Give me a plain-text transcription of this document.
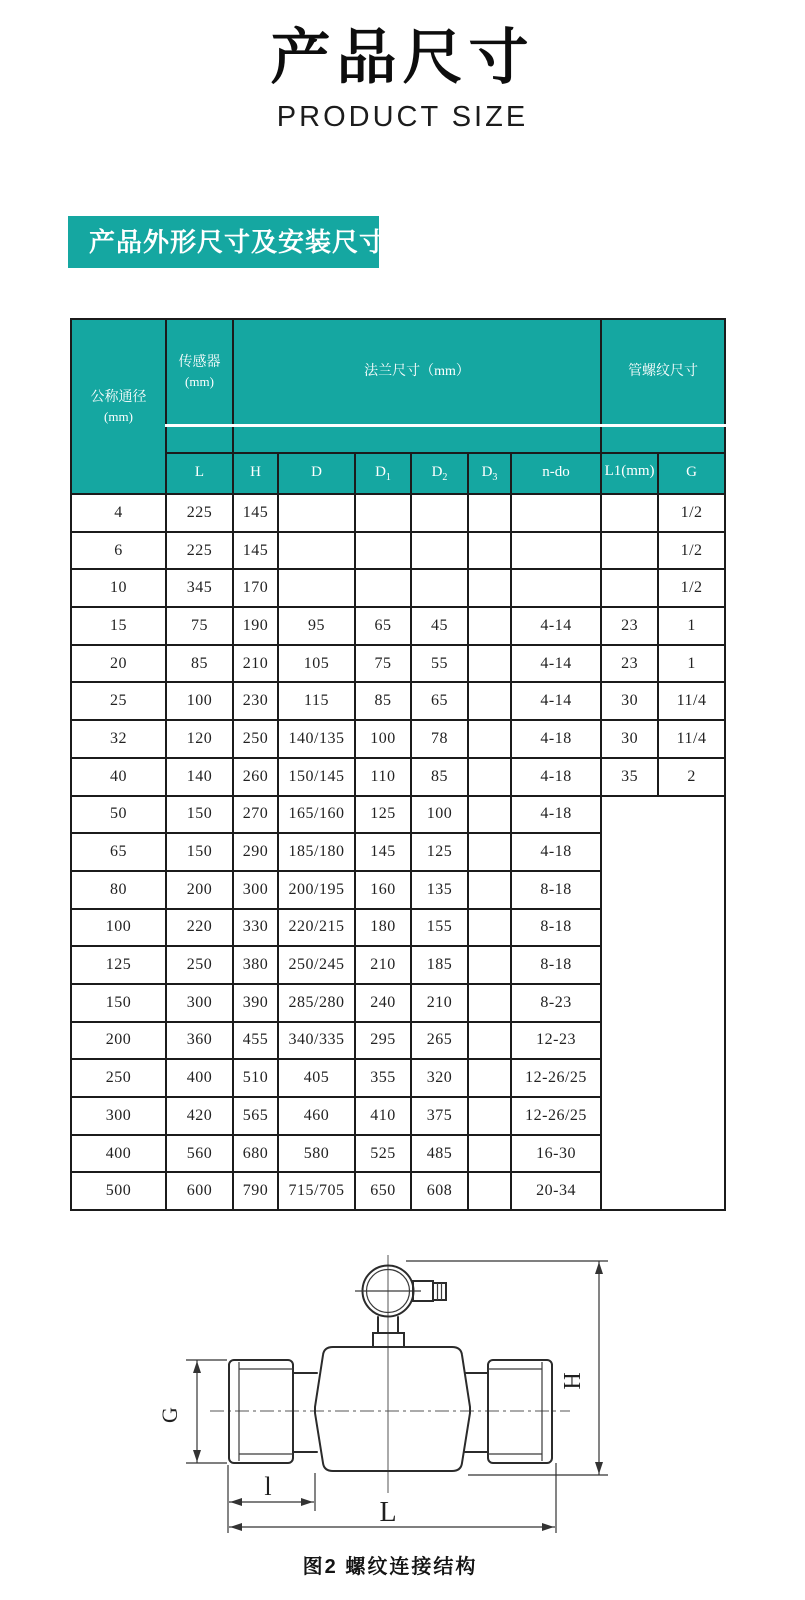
产品尺寸
PRODUCT SIZE
产品外形尺寸及安装尺寸
公称通径
(mm)	传感器
(mm)	法兰尺寸（mm）						管螺纹尺寸	

	L	H	D	$D_1$	$D_2$	$D_3$	n-do	L1(mm)	G
4	225	145							1/2
6	225	145							1/2
10	345	170							1/2
15	75	190	95	65	45		4-14	23	1
20	85	210	105	75	55		4-14	23	1
25	100	230	115	85	65		4-14	30	11/4
32	120	250	140/135	100	78		4-18	30	11/4
40	140	260	150/145	110	85		4-18	35	2
50	150	270	165/160	125	100		4-18		
65	150	290	185/180	145	125		4-18		
80	200	300	200/195	160	135		8-18		
100	220	330	220/215	180	155		8-18		
125	250	380	250/245	210	185		8-18		
150	300	390	285/280	240	210		8-23		
200	360	455	340/335	295	265		12-23		
250	400	510	405	355	320		12-26/25		
300	420	565	460	410	375		12-26/25		
400	560	680	580	525	485		16-30		
500	600	790	715/705	650	608		20-34		
G
H
l
L
图2 螺纹连接结构
